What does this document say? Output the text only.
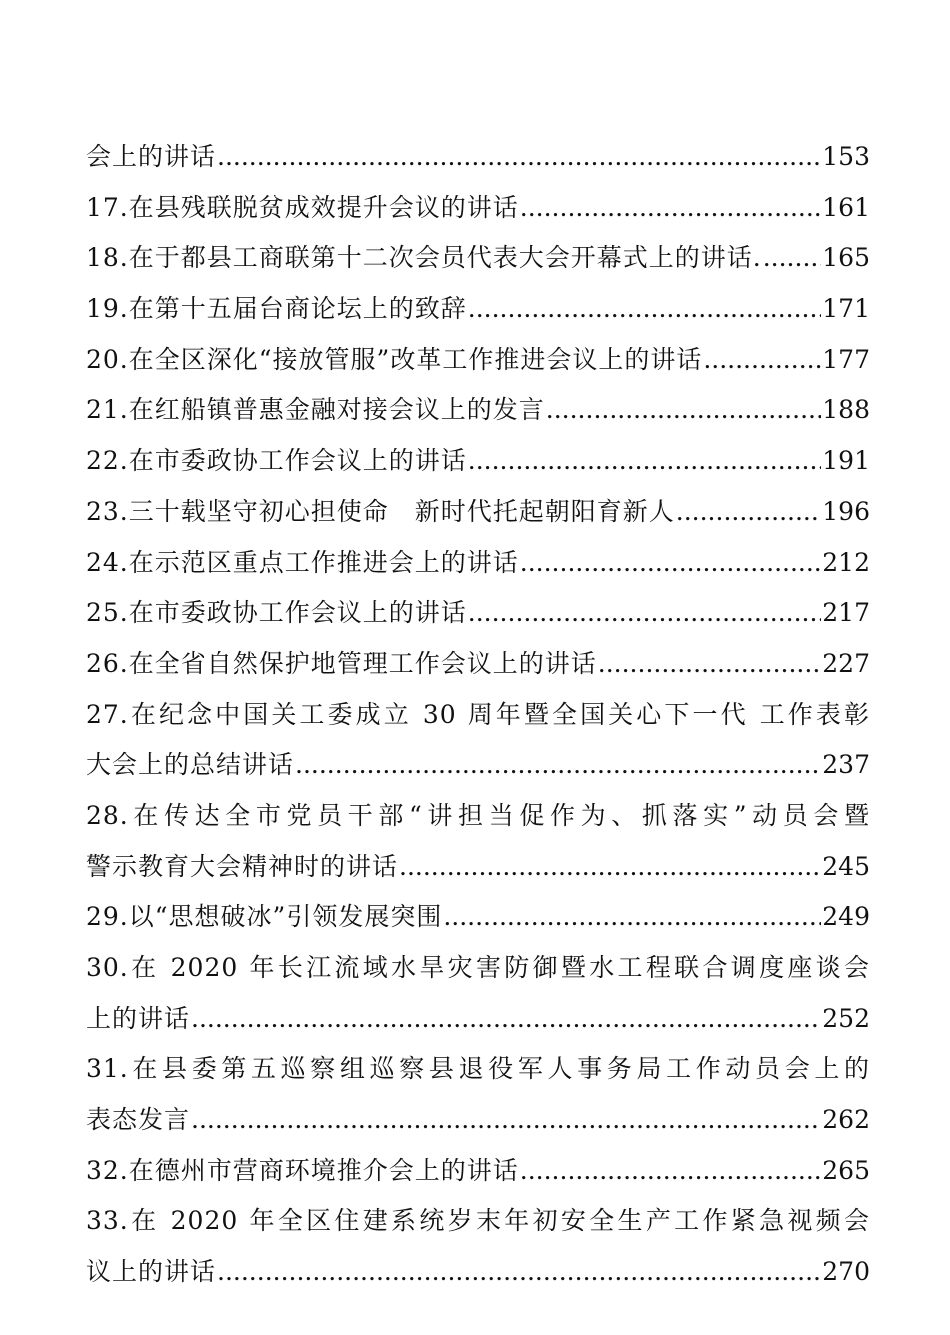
会上的讲话 .....	153
17.在县残联脱贫成效提升会议的讲话 .....	161
18.在于都县工商联第十二次会员代表大会开幕式上的讲话. ..... 165
19.在第十五届台商论坛上的致辞 .....	171
20.在全区深化“接放管服”改革工作推进会议上的讲话 .....	177
21.在红船镇普惠金融对接会议上的发言 .....	188
22.在市委政协工作会议上的讲话 .....	191
23.三十载坚守初心担使命　新时代托起朝阳育新人 .....	196
24.在示范区重点工作推进会上的讲话 .....	212
25.在市委政协工作会议上的讲话 .....	217
26.在全省自然保护地管理工作会议上的讲话 .....	227
27.在纪念中国关工委成立 30 周年暨全国关心下一代 工作表彰
大会上的总结讲话 .....	237
28.在传达全市党员干部“讲担当促作为、抓落实”动员会暨
警示教育大会精神时的讲话 .....	245
29.以“思想破冰”引领发展突围 .....	249
30.在 2020 年长江流域水旱灾害防御暨水工程联合调度座谈会
上的讲话 .....	252
31.在县委第五巡察组巡察县退役军人事务局工作动员会上的
表态发言 .....	262
32.在德州市营商环境推介会上的讲话 .....	265
33.在 2020 年全区住建系统岁末年初安全生产工作紧急视频会
议上的讲话 .....	270
